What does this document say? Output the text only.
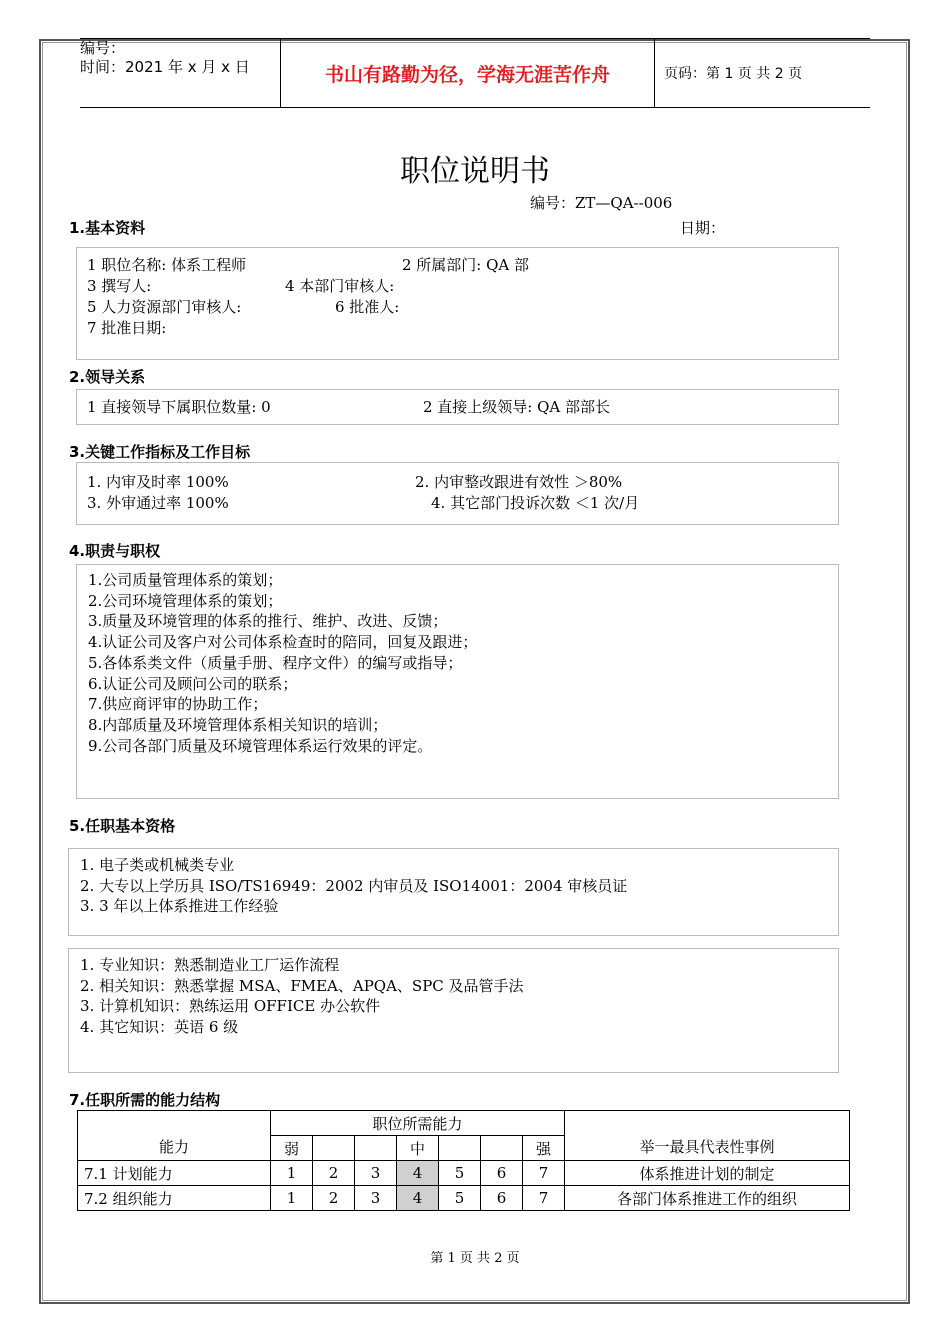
编号：
时间：2021 年 x 月 x 日	书山有路勤为径，学海无涯苦作舟	页码：第 1 页 共 2 页
职位说明书
编号：ZT—QA--006
日期：
1.基本资料
1 职位名称: 体系工程师	2 所属部门: QA 部
3 撰写人:	4 本部门审核人:
5 人力资源部门审核人:	6 批准人:
7 批准日期:
2.领导关系
1 直接领导下属职位数量: 0	2 直接上级领导: QA 部部长
3.关键工作指标及工作目标
1. 内审及时率 100%	2. 内审整改跟进有效性 ＞80%
3. 外审通过率 100%	4. 其它部门投诉次数 ＜1 次/月
4.职责与职权
1.公司质量管理体系的策划；
2.公司环境管理体系的策划；
3.质量及环境管理的体系的推行、维护、改进、反馈；
4.认证公司及客户对公司体系检查时的陪同，回复及跟进；
5.各体系类文件（质量手册、程序文件）的编写或指导；
6.认证公司及顾问公司的联系；
7.供应商评审的协助工作；
8.内部质量及环境管理体系相关知识的培训；
9.公司各部门质量及环境管理体系运行效果的评定。
5.任职基本资格
1. 电子类或机械类专业
2. 大专以上学历具 ISO/TS16949：2002 内审员及 ISO14001：2004 审核员证
3. 3 年以上体系推进工作经验
1. 专业知识：熟悉制造业工厂运作流程
2. 相关知识：熟悉掌握 MSA、FMEA、APQA、SPC 及品管手法
3. 计算机知识：熟练运用 OFFICE 办公软件
4. 其它知识：英语 6 级
7.任职所需的能力结构
能力	职位所需能力							举一最具代表性事例
	弱			中			强	
7.1 计划能力	1	2	3	4	5	6	7	体系推进计划的制定
7.2 组织能力	1	2	3	4	5	6	7	各部门体系推进工作的组织
第 1 页 共 2 页
